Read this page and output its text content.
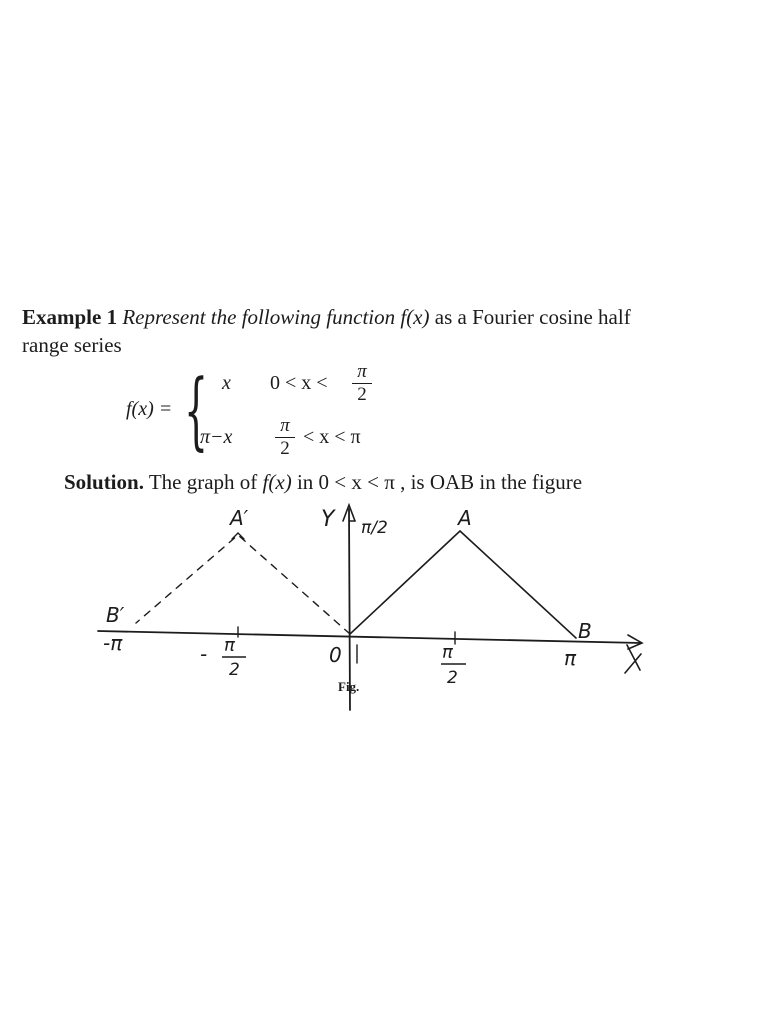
Example 1 Represent the following function f(x) as a Fourier cosine half
range series
f(x) = { x 0 < x <
π
2
π−x
π
2
< x < π
Solution. The graph of f(x) in 0 < x < π , is OAB in the figure
A′	Y π/2	A
B′
-π	- π
2
0	π
2
B
π
Fig.
